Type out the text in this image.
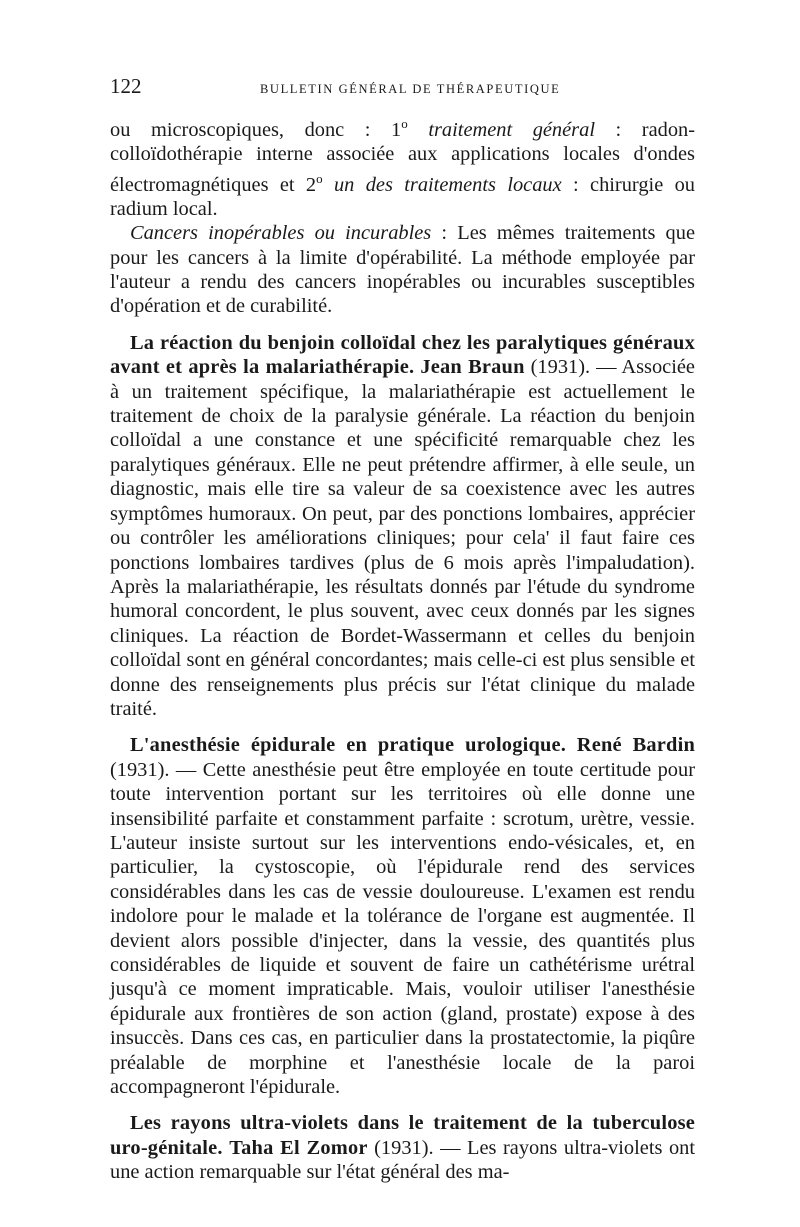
122	BULLETIN GÉNÉRAL DE THÉRAPEUTIQUE

ou microscopiques, donc : 1$^o$ traitement général : radon-colloïdothérapie interne associée aux applications locales d'ondes électromagnétiques et 2$^o$ un des traitements locaux : chirurgie ou radium local.

Cancers inopérables ou incurables : Les mêmes traitements que pour les cancers à la limite d'opérabilité. La méthode employée par l'auteur a rendu des cancers inopérables ou incurables susceptibles d'opération et de curabilité.

La réaction du benjoin colloïdal chez les paralytiques généraux avant et après la malariathérapie. Jean Braun (1931). — Associée à un traitement spécifique, la malariathérapie est actuellement le traitement de choix de la paralysie générale. La réaction du benjoin colloïdal a une constance et une spécificité remarquable chez les paralytiques généraux. Elle ne peut prétendre affirmer, à elle seule, un diagnostic, mais elle tire sa valeur de sa coexistence avec les autres symptômes humoraux. On peut, par des ponctions lombaires, apprécier ou contrôler les améliorations cliniques; pour cela' il faut faire ces ponctions lombaires tardives (plus de 6 mois après l'impaludation). Après la malariathérapie, les résultats donnés par l'étude du syndrome humoral concordent, le plus souvent, avec ceux donnés par les signes cliniques. La réaction de Bordet-Wassermann et celles du benjoin colloïdal sont en général concordantes; mais celle-ci est plus sensible et donne des renseignements plus précis sur l'état clinique du malade traité.

L'anesthésie épidurale en pratique urologique. René Bardin (1931). — Cette anesthésie peut être employée en toute certitude pour toute intervention portant sur les territoires où elle donne une insensibilité parfaite et constamment parfaite : scrotum, urètre, vessie. L'auteur insiste surtout sur les interventions endo-vésicales, et, en particulier, la cystoscopie, où l'épidurale rend des services considérables dans les cas de vessie douloureuse. L'examen est rendu indolore pour le malade et la tolérance de l'organe est augmentée. Il devient alors possible d'injecter, dans la vessie, des quantités plus considérables de liquide et souvent de faire un cathétérisme urétral jusqu'à ce moment impraticable. Mais, vouloir utiliser l'anesthésie épidurale aux frontières de son action (gland, prostate) expose à des insuccès. Dans ces cas, en particulier dans la prostatectomie, la piqûre préalable de morphine et l'anesthésie locale de la paroi accompagneront l'épidurale.

Les rayons ultra-violets dans le traitement de la tuberculose uro-génitale. Taha El Zomor (1931). — Les rayons ultra-violets ont une action remarquable sur l'état général des ma-
